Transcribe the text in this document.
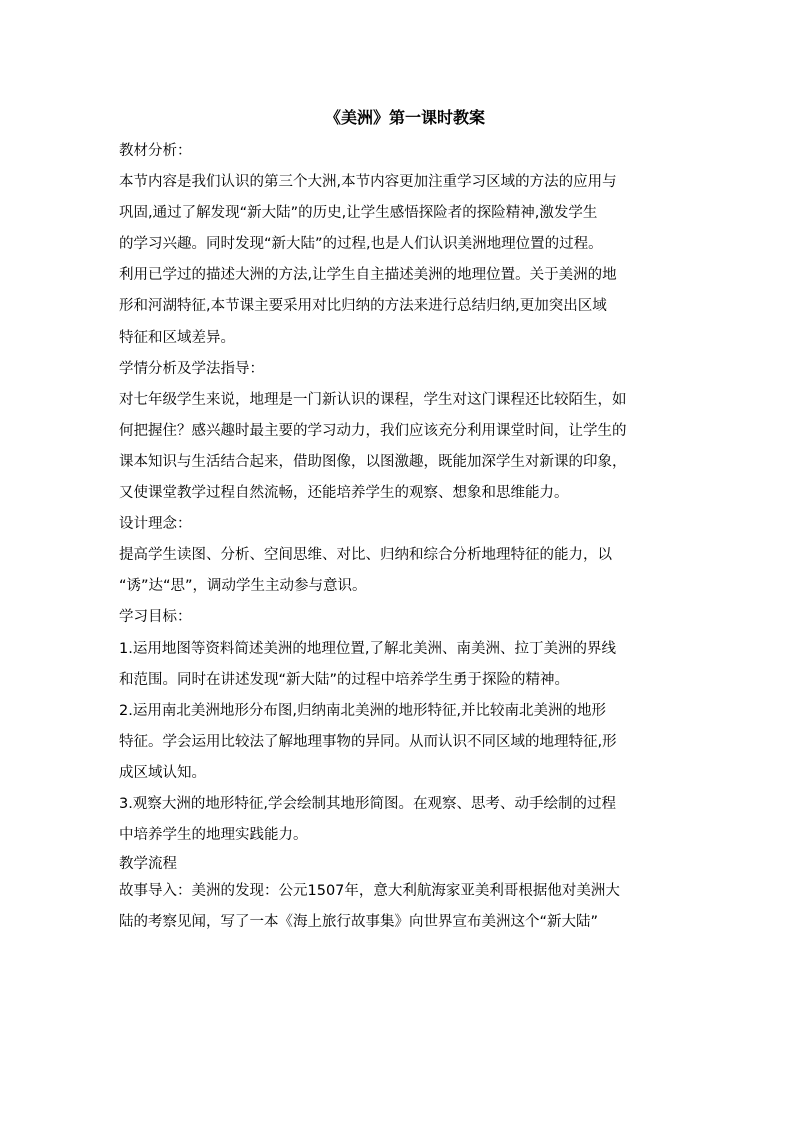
《美洲》第一课时教案

教材分析：

本节内容是我们认识的第三个大洲,本节内容更加注重学习区域的方法的应用与

巩固,通过了解发现“新大陆”的历史,让学生感悟探险者的探险精神,激发学生

的学习兴趣。同时发现“新大陆”的过程,也是人们认识美洲地理位置的过程。

利用已学过的描述大洲的方法,让学生自主描述美洲的地理位置。关于美洲的地

形和河湖特征,本节课主要采用对比归纳的方法来进行总结归纳,更加突出区域

特征和区域差异。

学情分析及学法指导：

对七年级学生来说，地理是一门新认识的课程，学生对这门课程还比较陌生，如

何把握住？感兴趣时最主要的学习动力，我们应该充分利用课堂时间，让学生的

课本知识与生活结合起来，借助图像，以图激趣，既能加深学生对新课的印象，

又使课堂教学过程自然流畅，还能培养学生的观察、想象和思维能力。

设计理念：

提高学生读图、分析、空间思维、对比、归纳和综合分析地理特征的能力，以

“诱”达“思”，调动学生主动参与意识。

学习目标：

1.运用地图等资料简述美洲的地理位置,了解北美洲、南美洲、拉丁美洲的界线

和范围。同时在讲述发现“新大陆”的过程中培养学生勇于探险的精神。

2.运用南北美洲地形分布图,归纳南北美洲的地形特征,并比较南北美洲的地形

特征。学会运用比较法了解地理事物的异同。从而认识不同区域的地理特征,形

成区域认知。

3.观察大洲的地形特征,学会绘制其地形简图。在观察、思考、动手绘制的过程

中培养学生的地理实践能力。

教学流程

故事导入：美洲的发现：公元1507年，意大利航海家亚美利哥根据他对美洲大

陆的考察见闻，写了一本《海上旅行故事集》向世界宣布美洲这个“新大陆”
